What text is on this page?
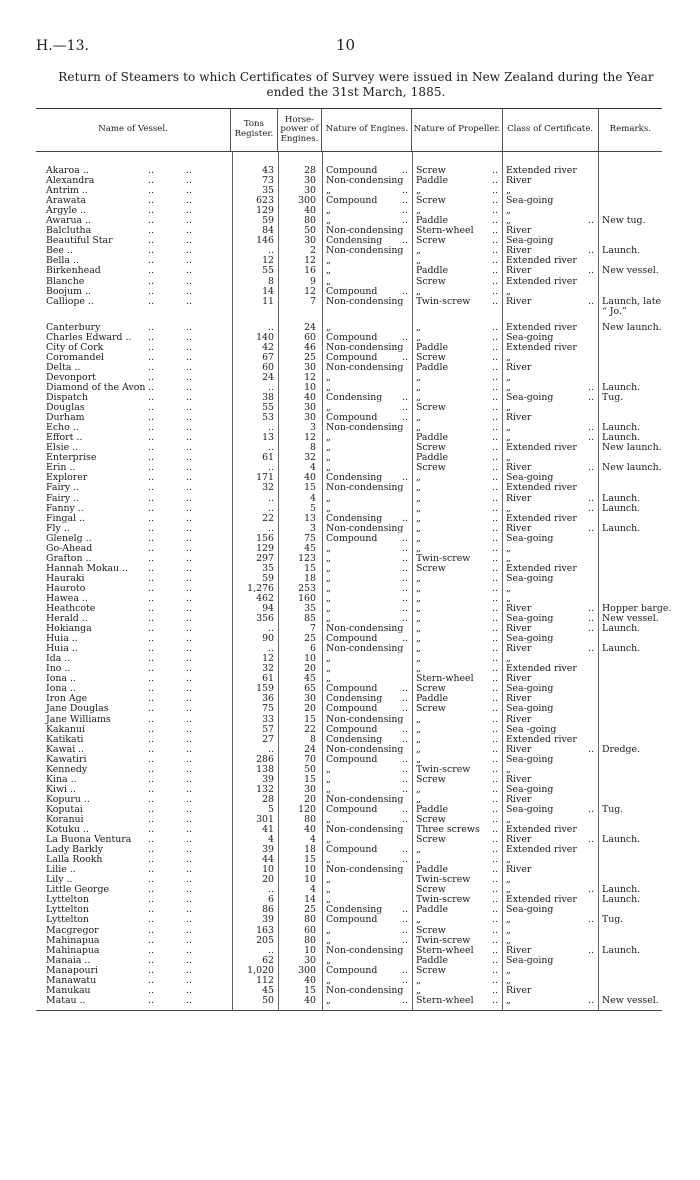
H.—13.	10
Return of Steamers to which Certificates of Survey were issued in New Zealand during the Year ended the 31st March, 1885.
Name of Vessel.	Tons Register.
Horse-power of Engines.
Nature of Engines. Nature of Propeller. Class of Certificate.	Remarks.
Akaroa ..	..	..	43	28	Compound	.. Screw	.. Extended river
Alexandra	..	..	73	30	Non-condensing	Paddle	.. River
Antrim ..	..	..	35	30	„	.. „	.. „
Arawata	..	..	623	300	Compound	.. Screw	.. Sea-going
Argyle ..	..	..	129	40	„	.. „	.. „
Awarua ..	..	..	59	80	„	.. Paddle	.. „	.. New tug.
Balclutha	..	..	84	50	Non-condensing	Stern-wheel .. River
Beautiful Star	..	..	146	30	Condensing .. Screw	.. Sea-going
Bee ..	..	..	..	2	Non-condensing	„	.. River	.. Launch.
Bella ..	..	..	12	12	„	„	.. Extended river
Birkenhead	..	..	55	16	„	Paddle	.. River	.. New vessel.
Blanche	..	..	8	9	„	Screw	.. Extended river
Boojum ..	..	..	14	12	Compound	.. „	.. „
Calliope ..	..	..	11	7	Non-condensing	Twin-screw .. River	.. Launch, late
“ Jo.”
Canterbury	..	..	..	24	„	„	.. Extended river	New launch.
Charles Edward .. ..	..	140	60	Compound	.. „	.. Sea-going
City of Cork	..	..	42	46	Non-condensing	Paddle	.. Extended river
Coromandel	..	..	67	25	Compound	.. Screw	.. „
Delta ..	..	..	60	30	Non-condensing	Paddle	.. River
Devonport	..	..	24	12	„	„	.. „
Diamond of the Avon ..	..	..	10	„	„	.. „	.. Launch.
Dispatch	..	..	38	40	Condensing .. „	.. Sea-going	.. Tug.
Douglas	..	..	55	30	„	.. Screw	.. „
Durham	..	..	53	30	Compound	.. „	.. River
Echo ..	..	..	..	3	Non-condensing	„	.. „	.. Launch.
Effort ..	..	..	13	12	„	Paddle	.. „	.. Launch.
Elsie ..	..	..	..	8	„	Screw	.. Extended river	New launch.
Enterprise	..	..	61	32	„	Paddle	.. „
Erin ..	..	..	..	4	„	Screw	.. River	.. New launch.
Explorer	..	..	171	40	Condensing .. „	.. Sea-going
Fairy ..	..	..	32	15	Non-condensing	„	.. Extended river
Fairy ..	..	..	..	4	„	„	.. River	.. Launch.
Fanny ..	..	..	..	5	„	„	.. „	.. Launch.
Fingal ..	..	..	22	13	Condensing .. „	.. Extended river
Fly ..	..	..	..	3	Non-condensing	„	.. River	.. Launch.
Glenelg ..	..	..	156	75	Compound	.. „	.. Sea-going
Go-Ahead	..	..	129	45	„	.. „	.. „
Grafton ..	..	..	297	123	„	.. Twin-screw .. „
Hannah Mokau .. ..	..	35	15	„	.. Screw	.. Extended river
Hauraki	..	..	59	18	„	.. „	.. Sea-going
Hauroto	..	..	1,276	253	„	.. „	.. „
Hawea ..	..	..	462	160	„	.. „	.. „
Heathcote	..	..	94	35	„	.. „	.. River	.. Hopper barge.
Herald ..	..	..	356	85	„	.. „	.. Sea-going	.. New vessel.
Hokianga	..	..	..	7	Non-condensing	„	.. River	.. Launch.
Huia ..	..	..	90	25	Compound	.. „	.. Sea-going
Huia ..	..	..	..	6	Non-condensing	„	.. River	.. Launch.
Ida ..	..	..	12	10	„	„	.. „
Ino ..	..	..	32	20	„	„	.. Extended river
Iona ..	..	..	61	45	„	Stern-wheel .. River
Iona ..	..	..	159	65	Compound	.. Screw	.. Sea-going
Iron Age	..	..	36	30	Condensing .. Paddle	.. River
Jane Douglas	..	..	75	20	Compound	.. Screw	.. Sea-going
Jane Williams	..	..	33	15	Non-condensing	„	.. River
Kakanui	..	..	57	22	Compound	.. „	.. Sea -going
Katikati	..	..	27	8	Condensing .. „	.. Extended river
Kawai ..	..	..	..	24	Non-condensing	„	.. River	.. Dredge.
Kawatiri	..	..	286	70	Compound	.. „	.. Sea-going
Kennedy	..	..	138	50	„	.. Twin-screw .. „
Kina ..	..	..	39	15	„	.. Screw	.. River
Kiwi ..	..	..	132	30	„	.. „	.. Sea-going
Kopuru ..	..	..	28	20	Non-condensing	„	.. River
Koputai	..	..	5	120	Compound	.. Paddle	.. Sea-going	.. Tug.
Koranui	..	..	301	80	„	.. Screw	.. „
Kotuku ..	..	..	41	40	Non-condensing	Three screws .. Extended river
La Buona Ventura ..	..	4	4	„	Screw	.. River	.. Launch.
Lady Barkly	..	..	39	18	Compound	.. „	.. Extended river
Lalla Rookh	..	..	44	15	„	.. „	.. „
Lilie ..	..	..	10	10	Non-condensing	Paddle	.. River
Lily ..	..	..	20	10	„	Twin-screw .. „
Little George	..	..	..	4	„	Screw	.. „	.. Launch.
Lyttelton	..	..	6	14	„	Twin-screw .. Extended river	Launch.
Lyttelton	..	..	86	25	Condensing .. Paddle	.. Sea-going
Lyttelton	..	..	39	80	Compound	.. „	.. „	.. Tug.
Macgregor	..	..	163	60	„	.. Screw	.. „
Mahinapua	..	..	205	80	„	.. Twin-screw .. „
Mahinapua	..	..	..	10	Non-condensing	Stern-wheel .. River	.. Launch.
Manaia ..	..	..	62	30	„	Paddle	.. Sea-going
Manapouri	..	..	1,020	300	Compound	.. Screw	.. „
Manawatu	..	..	112	40	„	.. „	.. „
Manukau	..	..	45	15	Non-condensing	„	.. River
Matau ..	..	..	50	40	„	.. Stern-wheel .. „	.. New vessel.
